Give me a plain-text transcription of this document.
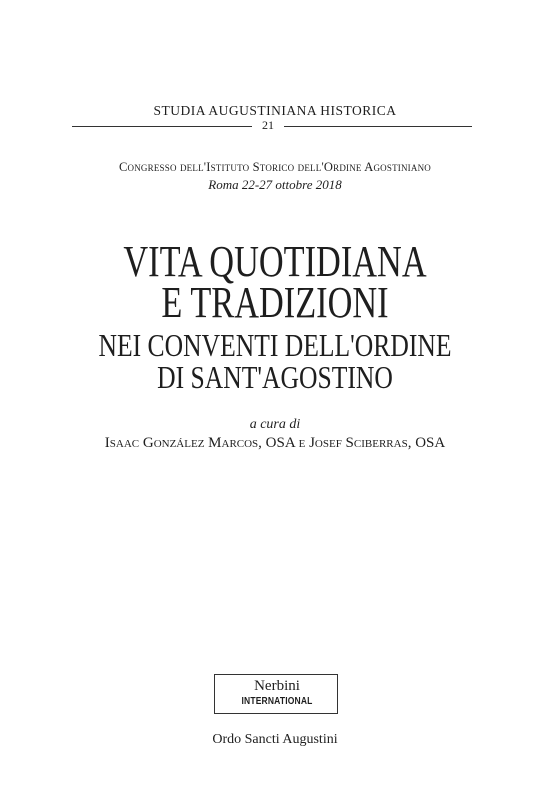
STUDIA AUGUSTINIANA HISTORICA
21
Congresso dell'Istituto Storico dell'Ordine Agostiniano
Roma 22-27 ottobre 2018
VITA QUOTIDIANA
E TRADIZIONI
NEI CONVENTI DELL'ORDINE
DI SANT'AGOSTINO
a cura di
Isaac González Marcos, OSA e Josef Sciberras, OSA
Nerbini
INTERNATIONAL
Ordo Sancti Augustini
